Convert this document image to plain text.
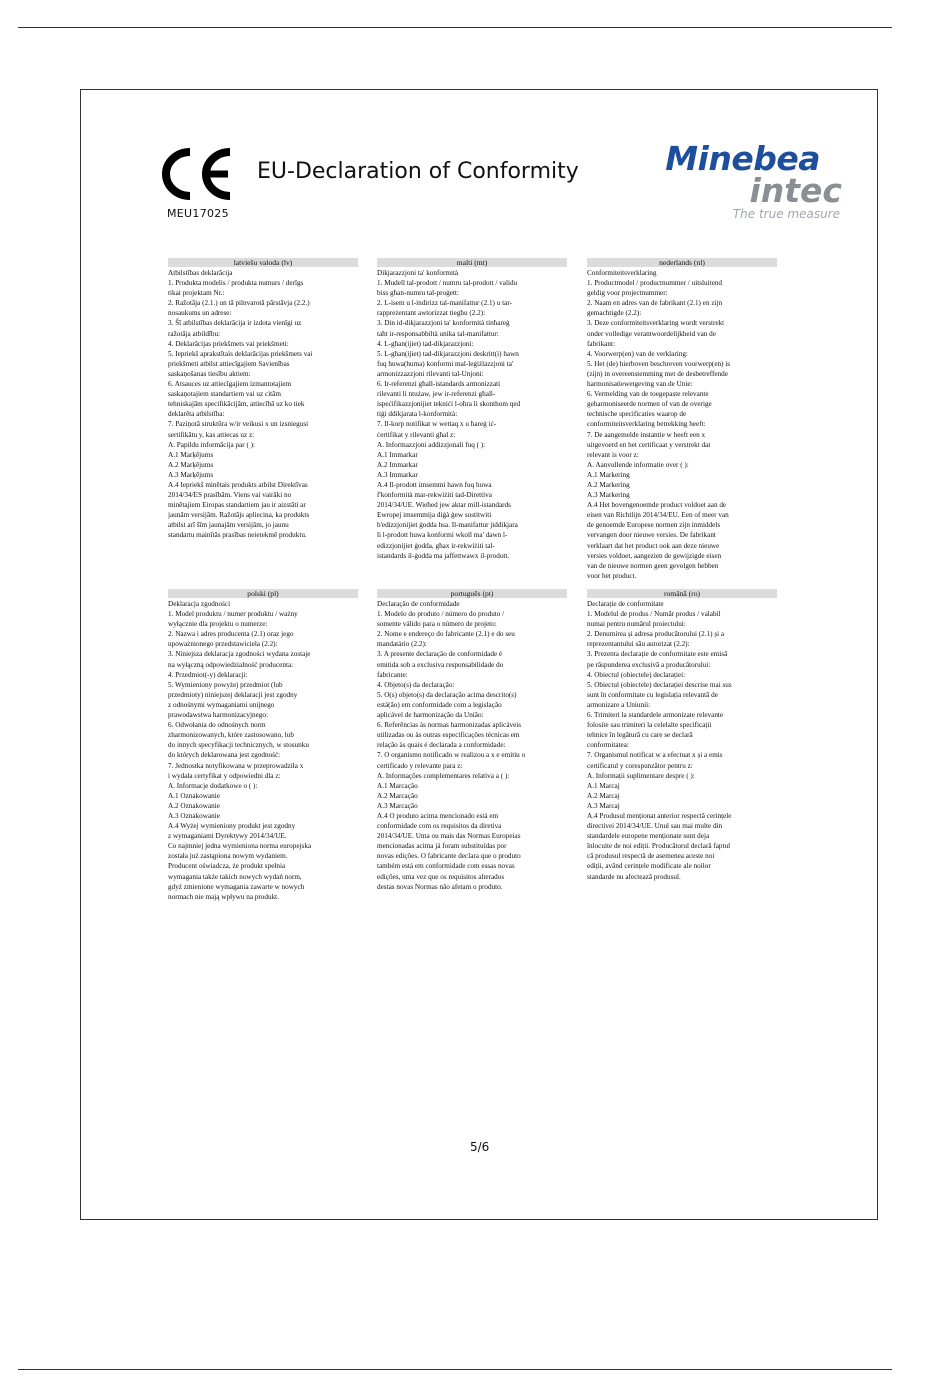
MEU17025
EU-Declaration of Conformity	Minebea
intec
The true measure
latviešu valoda (lv)
Atbilstības deklarācija
1. Produkta modelis / produkta numurs / derīgs
tikai projektam Nr.:
2. Ražotāja (2.1.) un tā pilnvarotā pārstāvja (2.2.)
nosaukums un adrese:
3. Šī atbilstības deklarācija ir izdota vienīgi uz
ražotāja atbildību:
4. Deklarācijas priekšmets vai priekšmeti:
5. Iepriekš aprakstītais deklarācijas priekšmets vai
priekšmeti atbilst attiecīgajiem Savienības
saskaņošanas tiesību aktiem:
6. Atsauces uz attiecīgajiem izmantotajiem
saskaņotajiem standartiem vai uz citām
tehniskajām specifikācijām, attiecībā uz ko tiek
deklarēta atbilstība:
7. Paziņotā struktūra w/ir veikusi x un izsniegusi
sertifikātu y, kas attiecas uz z:
A. Papildu informācija par ( ):
A.1 Marķējums
A.2 Marķējums
A.3 Marķējums
A.4 Iepriekš minētais produkts atbilst Direktīvas
2014/34/ES prasībām. Viens vai vairāki no
minētajiem Eiropas standartiem jau ir aizstāti ar
jaunām versijām. Ražotājs apliecina, ka produkts
atbilst arī šīm jaunajām versijām, jo jaunu
standartu mainītās prasības neietekmē produktu.
malti (mt)
Dikjarazzjoni ta' konformità
1. Mudell tal-prodott / numru tal-prodott / validu
biss għan-numru tal-proġett:
2. L-isem u l-indirizz tal-manifattur (2.1) u tar-
rappreżentant awtorizzat tiegħu (2.2):
3. Din id-dikjarazzjoni ta' konformità tinħareġ
taħt ir-responsabbiltà unika tal-manifattur:
4. L-għan(ijiet) tad-dikjarazzjoni:
5. L-għan(ijiet) tad-dikjarazzjoni deskritt(i) hawn
fuq huwa(huma) konformi mal-leġiżlazzjoni ta'
armonizzazzjoni rilevanti tal-Unjoni:
6. Ir-referenzi għall-istandards armonizzati
rilevanti li ntużaw, jew ir-referenzi għall-
ispeċifikazzjonijiet tekniċi l-oħra li skonthom qed
tiġi ddikjarata l-konformità:
7. Il-korp notifikat w wettaq x u ħareġ iċ-
ċertifikat y rilevanti għal z:
A. Informazzjoni addizzjonali fuq ( ):
A.1 Immarkar
A.2 Immarkar
A.3 Immarkar
A.4 Il-prodott imsemmi hawn fuq huwa
f'konformità mar-rekwiżiti tad-Direttiva
2014/34/UE. Wieħed jew aktar mill-istandards
Ewropej imsemmija diġà ġew sostitwiti
b'edizzjonijiet ġodda hsa. Il-manifattur jiddikjara
li l-prodott huwa konformi wkoll ma' dawn l-
edizzjonijiet ġodda, għax ir-rekwiżiti tal-
istandards il-ġodda ma jaffettwawx il-prodott.
nederlands (nl)
Conformiteitsverklaring
1. Productmodel / productnummer / uitsluitend
geldig voor projectnummer:
2. Naam en adres van de fabrikant (2.1) en zijn
gemachtigde (2.2):
3. Deze conformiteitsverklaring wordt verstrekt
onder volledige verantwoordelijkheid van de
fabrikant:
4. Voorwerp(en) van de verklaring:
5. Het (de) hierboven beschreven voorwerp(en) is
(zijn) in overeenstemming met de desbetreffende
harmonisatiewetgeving van de Unie:
6. Vermelding van de toegepaste relevante
geharmoniseerde normen of van de overige
technische specificaties waarop de
conformiteitsverklaring betrekking heeft:
7. De aangemelde instantie w heeft een x
uitgevoerd en het certificaat y verstrekt dat
relevant is voor z:
A. Aanvullende informatie over ( ):
A.1 Markering
A.2 Markering
A.3 Markering
A.4 Het bovengenoemde product voldoet aan de
eisen van Richtlijn 2014/34/EU. Een of meer van
de genoemde Europese normen zijn inmiddels
vervangen door nieuwe versies. De fabrikant
verklaart dat het product ook aan deze nieuwe
versies voldoet, aangezien de gewijzigde eisen
van de nieuwe normen geen gevolgen hebben
voor het product.
polski (pl)
Deklaracja zgodności
1. Model produktu / numer produktu / ważny
wyłącznie dla projektu o numerze:
2. Nazwa i adres producenta (2.1) oraz jego
upoważnionego przedstawiciela (2.2):
3. Niniejsza deklaracja zgodności wydana zostaje
na wyłączną odpowiedzialność producenta:
4. Przedmiot(-y) deklaracji:
5. Wymieniony powyżej przedmiot (lub
przedmioty) niniejszej deklaracji jest zgodny
z odnośnymi wymaganiami unijnego
prawodawstwa harmonizacyjnego:
6. Odwołania do odnośnych norm
zharmonizowanych, które zastosowano, lub
do innych specyfikacji technicznych, w stosunku
do których deklarowana jest zgodność:
7. Jednostka notyfikowana w przeprowadziła x
i wydała certyfikat y odpowiedni dla z:
A. Informacje dodatkowe o ( ):
A.1 Oznakowanie
A.2 Oznakowanie
A.3 Oznakowanie
A.4 Wyżej wymieniony produkt jest zgodny
z wymaganiami Dyrektywy 2014/34/UE.
Co najmniej jedna wymieniona norma europejska
została już zastąpiona nowym wydaniem.
Producent oświadcza, że produkt spełnia
wymagania także takich nowych wydań norm,
gdyż zmienione wymagania zawarte w nowych
normach nie mają wpływu na produkt.
português (pt)
Declaração de conformidade
1. Modelo do produto / número do produto /
somente válido para o número de projeto:
2. Nome e endereço do fabricante (2.1) e do seu
mandatário (2.2):
3. A presente declaração de conformidade é
emitida sob a exclusiva responsabilidade do
fabricante:
4. Objeto(s) da declaração:
5. O(s) objeto(s) da declaração acima descrito(s)
está(ão) em conformidade com a legislação
aplicável de harmonização da União:
6. Referências às normas harmonizadas aplicáveis
utilizadas ou às outras especificações técnicas em
relação às quais é declarada a conformidade:
7. O organismo notificado w realizou a x e emitiu o
certificado y relevante para z:
A. Informações complementares relativa a ( ):
A.1 Marcação
A.2 Marcação
A.3 Marcação
A.4 O produto acima mencionado está em
conformidade com os requisitos da diretiva
2014/34/UE. Uma ou mais das Normas Europeias
mencionadas acima já foram substituídas por
novas edições. O fabricante declara que o produto
também está em conformidade com essas novas
edições, uma vez que os requisitos alterados
destas novas Normas não afetam o produto.
română (ro)
Declarație de conformitate
1. Modelul de produs / Număr produs / valabil
numai pentru numărul proiectului:
2. Denumirea și adresa producătorului (2.1) și a
reprezentantului său autorizat (2.2):
3. Prezenta declarație de conformitate este emisă
pe răspunderea exclusivă a producătorului:
4. Obiectul (obiectele) declarației:
5. Obiectul (obiectele) declarației descrise mai sus
sunt în conformitate cu legislația relevantă de
armonizare a Uniunii:
6. Trimiteri la standardele armonizate relevante
folosite sau trimiteri la celelalte specificații
tehnice în legătură cu care se declară
conformitatea:
7. Organismul notificat w a efectuat x și a emis
certificatul y corespunzător pentru z:
A. Informații suplimentare despre ( ):
A.1 Marcaj
A.2 Marcaj
A.3 Marcaj
A.4 Produsul menționat anterior respectă cerințele
directivei 2014/34/UE. Unul sau mai multe din
standardele europene menționate sunt deja
înlocuite de noi ediții. Producătorul declară faptul
că produsul respectă de asemenea aceste noi
ediții, având cerințele modificate ale noilor
standarde nu afectează produsul.
5/6
